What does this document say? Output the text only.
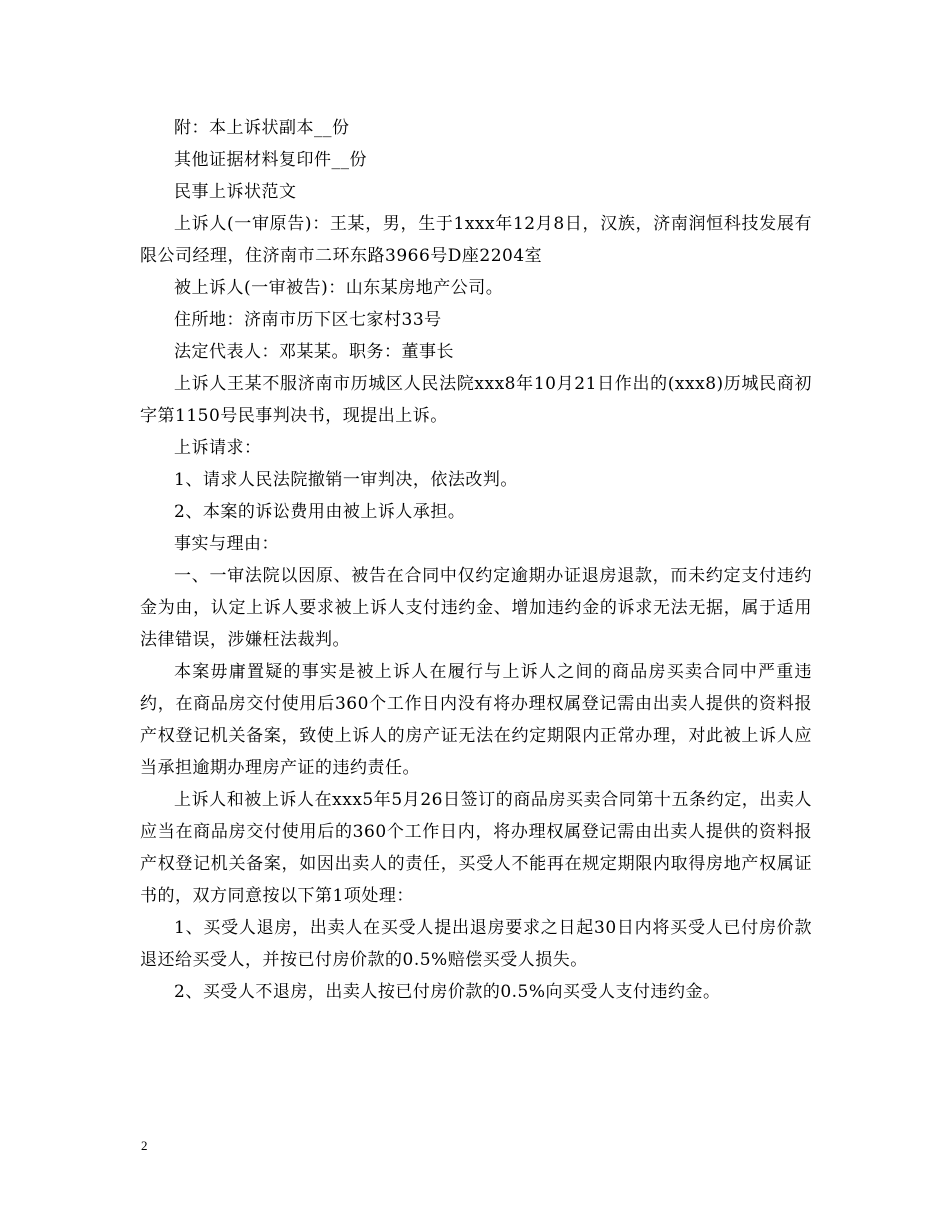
附：本上诉状副本__份

其他证据材料复印件__份

民事上诉状范文

上诉人(一审原告)：王某，男，生于1xxx年12月8日，汉族，济南润恒科技发展有限公司经理，住济南市二环东路3966号D座2204室

被上诉人(一审被告)：山东某房地产公司。

住所地：济南市历下区七家村33号

法定代表人：邓某某。职务：董事长

上诉人王某不服济南市历城区人民法院xxx8年10月21日作出的(xxx8)历城民商初字第1150号民事判决书，现提出上诉。

上诉请求：

1、请求人民法院撤销一审判决，依法改判。

2、本案的诉讼费用由被上诉人承担。

事实与理由：

一、一审法院以因原、被告在合同中仅约定逾期办证退房退款，而未约定支付违约金为由，认定上诉人要求被上诉人支付违约金、增加违约金的诉求无法无据，属于适用法律错误，涉嫌枉法裁判。

本案毋庸置疑的事实是被上诉人在履行与上诉人之间的商品房买卖合同中严重违约，在商品房交付使用后360个工作日内没有将办理权属登记需由出卖人提供的资料报产权登记机关备案，致使上诉人的房产证无法在约定期限内正常办理，对此被上诉人应当承担逾期办理房产证的违约责任。

上诉人和被上诉人在xxx5年5月26日签订的商品房买卖合同第十五条约定，出卖人应当在商品房交付使用后的360个工作日内，将办理权属登记需由出卖人提供的资料报产权登记机关备案，如因出卖人的责任，买受人不能再在规定期限内取得房地产权属证书的，双方同意按以下第1项处理：

1、买受人退房，出卖人在买受人提出退房要求之日起30日内将买受人已付房价款退还给买受人，并按已付房价款的0.5%赔偿买受人损失。

2、买受人不退房，出卖人按已付房价款的0.5%向买受人支付违约金。

2
